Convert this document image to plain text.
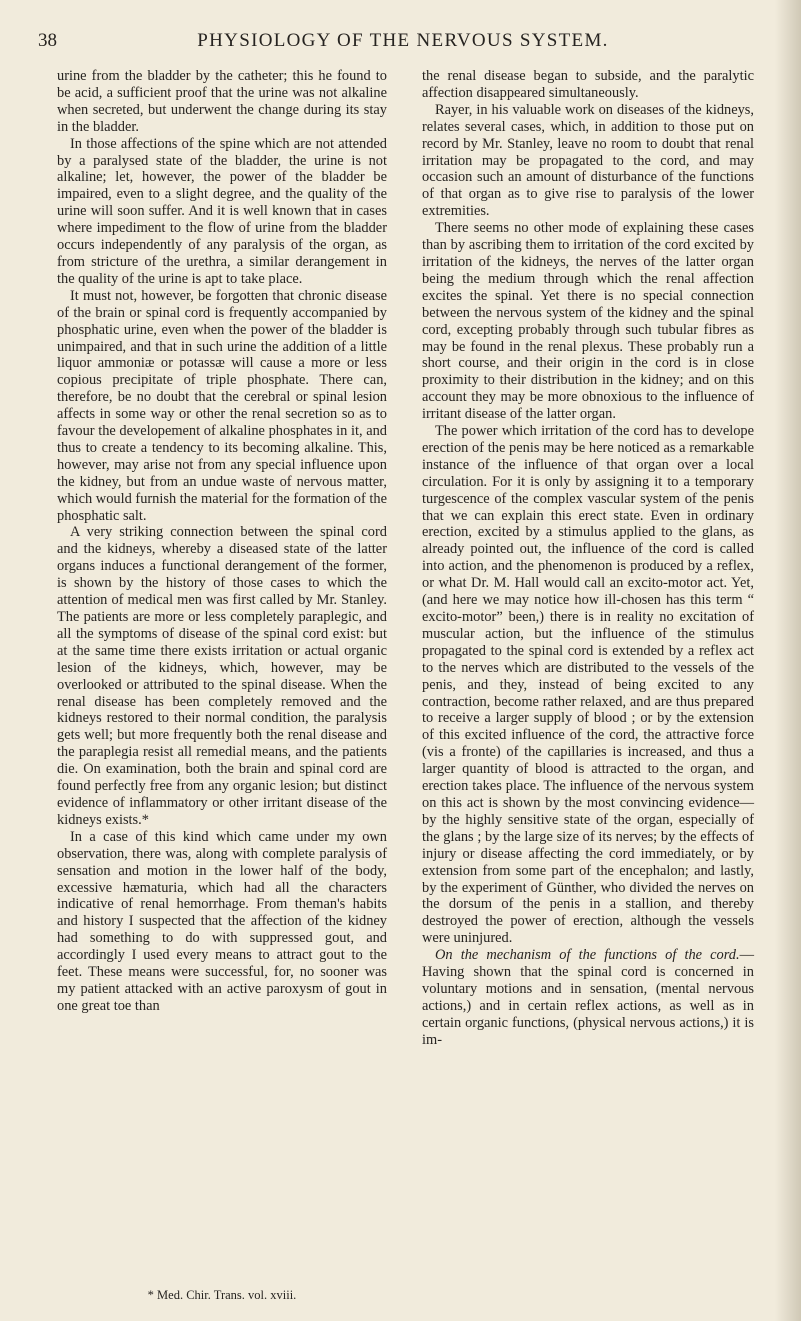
38	PHYSIOLOGY OF THE NERVOUS SYSTEM.

urine from the bladder by the catheter; this he found to be acid, a sufficient proof that the urine was not alkaline when secreted, but underwent the change during its stay in the bladder.

In those affections of the spine which are not attended by a paralysed state of the bladder, the urine is not alkaline; let, however, the power of the bladder be impaired, even to a slight degree, and the quality of the urine will soon suffer. And it is well known that in cases where impediment to the flow of urine from the bladder occurs independently of any paralysis of the organ, as from stricture of the urethra, a similar derangement in the quality of the urine is apt to take place.

It must not, however, be forgotten that chronic disease of the brain or spinal cord is frequently accompanied by phosphatic urine, even when the power of the bladder is unimpaired, and that in such urine the addition of a little liquor ammoniæ or potassæ will cause a more or less copious precipitate of triple phosphate. There can, therefore, be no doubt that the cerebral or spinal lesion affects in some way or other the renal secretion so as to favour the developement of alkaline phosphates in it, and thus to create a tendency to its becoming alkaline. This, however, may arise not from any special influence upon the kidney, but from an undue waste of nervous matter, which would furnish the material for the formation of the phosphatic salt.

A very striking connection between the spinal cord and the kidneys, whereby a diseased state of the latter organs induces a functional derangement of the former, is shown by the history of those cases to which the attention of medical men was first called by Mr. Stanley. The patients are more or less completely paraplegic, and all the symptoms of disease of the spinal cord exist: but at the same time there exists irritation or actual organic lesion of the kidneys, which, however, may be overlooked or attributed to the spinal disease. When the renal disease has been completely removed and the kidneys restored to their normal condition, the paralysis gets well; but more frequently both the renal disease and the paraplegia resist all remedial means, and the patients die. On examination, both the brain and spinal cord are found perfectly free from any organic lesion; but distinct evidence of inflammatory or other irritant disease of the kidneys exists.*

In a case of this kind which came under my own observation, there was, along with complete paralysis of sensation and motion in the lower half of the body, excessive hæmaturia, which had all the characters indicative of renal hemorrhage. From theman's habits and history I suspected that the affection of the kidney had something to do with suppressed gout, and accordingly I used every means to attract gout to the feet. These means were successful, for, no sooner was my patient attacked with an active paroxysm of gout in one great toe than

* Med. Chir. Trans. vol. xviii.

the renal disease began to subside, and the paralytic affection disappeared simultaneously.

Rayer, in his valuable work on diseases of the kidneys, relates several cases, which, in addition to those put on record by Mr. Stanley, leave no room to doubt that renal irritation may be propagated to the cord, and may occasion such an amount of disturbance of the functions of that organ as to give rise to paralysis of the lower extremities.

There seems no other mode of explaining these cases than by ascribing them to irritation of the cord excited by irritation of the kidneys, the nerves of the latter organ being the medium through which the renal affection excites the spinal. Yet there is no special connection between the nervous system of the kidney and the spinal cord, excepting probably through such tubular fibres as may be found in the renal plexus. These probably run a short course, and their origin in the cord is in close proximity to their distribution in the kidney; and on this account they may be more obnoxious to the influence of irritant disease of the latter organ.

The power which irritation of the cord has to develope erection of the penis may be here noticed as a remarkable instance of the influence of that organ over a local circulation. For it is only by assigning it to a temporary turgescence of the complex vascular system of the penis that we can explain this erect state. Even in ordinary erection, excited by a stimulus applied to the glans, as already pointed out, the influence of the cord is called into action, and the phenomenon is produced by a reflex, or what Dr. M. Hall would call an excito-motor act. Yet, (and here we may notice how ill-chosen has this term “ excito-motor” been,) there is in reality no excitation of muscular action, but the influence of the stimulus propagated to the spinal cord is extended by a reflex act to the nerves which are distributed to the vessels of the penis, and they, instead of being excited to any contraction, become rather relaxed, and are thus prepared to receive a larger supply of blood ; or by the extension of this excited influence of the cord, the attractive force (vis a fronte) of the capillaries is increased, and thus a larger quantity of blood is attracted to the organ, and erection takes place. The influence of the nervous system on this act is shown by the most convincing evidence—by the highly sensitive state of the organ, especially of the glans ; by the large size of its nerves; by the effects of injury or disease affecting the cord immediately, or by extension from some part of the encephalon; and lastly, by the experiment of Günther, who divided the nerves on the dorsum of the penis in a stallion, and thereby destroyed the power of erection, although the vessels were uninjured.

On the mechanism of the functions of the cord.—Having shown that the spinal cord is concerned in voluntary motions and in sensation, (mental nervous actions,) and in certain reflex actions, as well as in certain organic functions, (physical nervous actions,) it is im-
